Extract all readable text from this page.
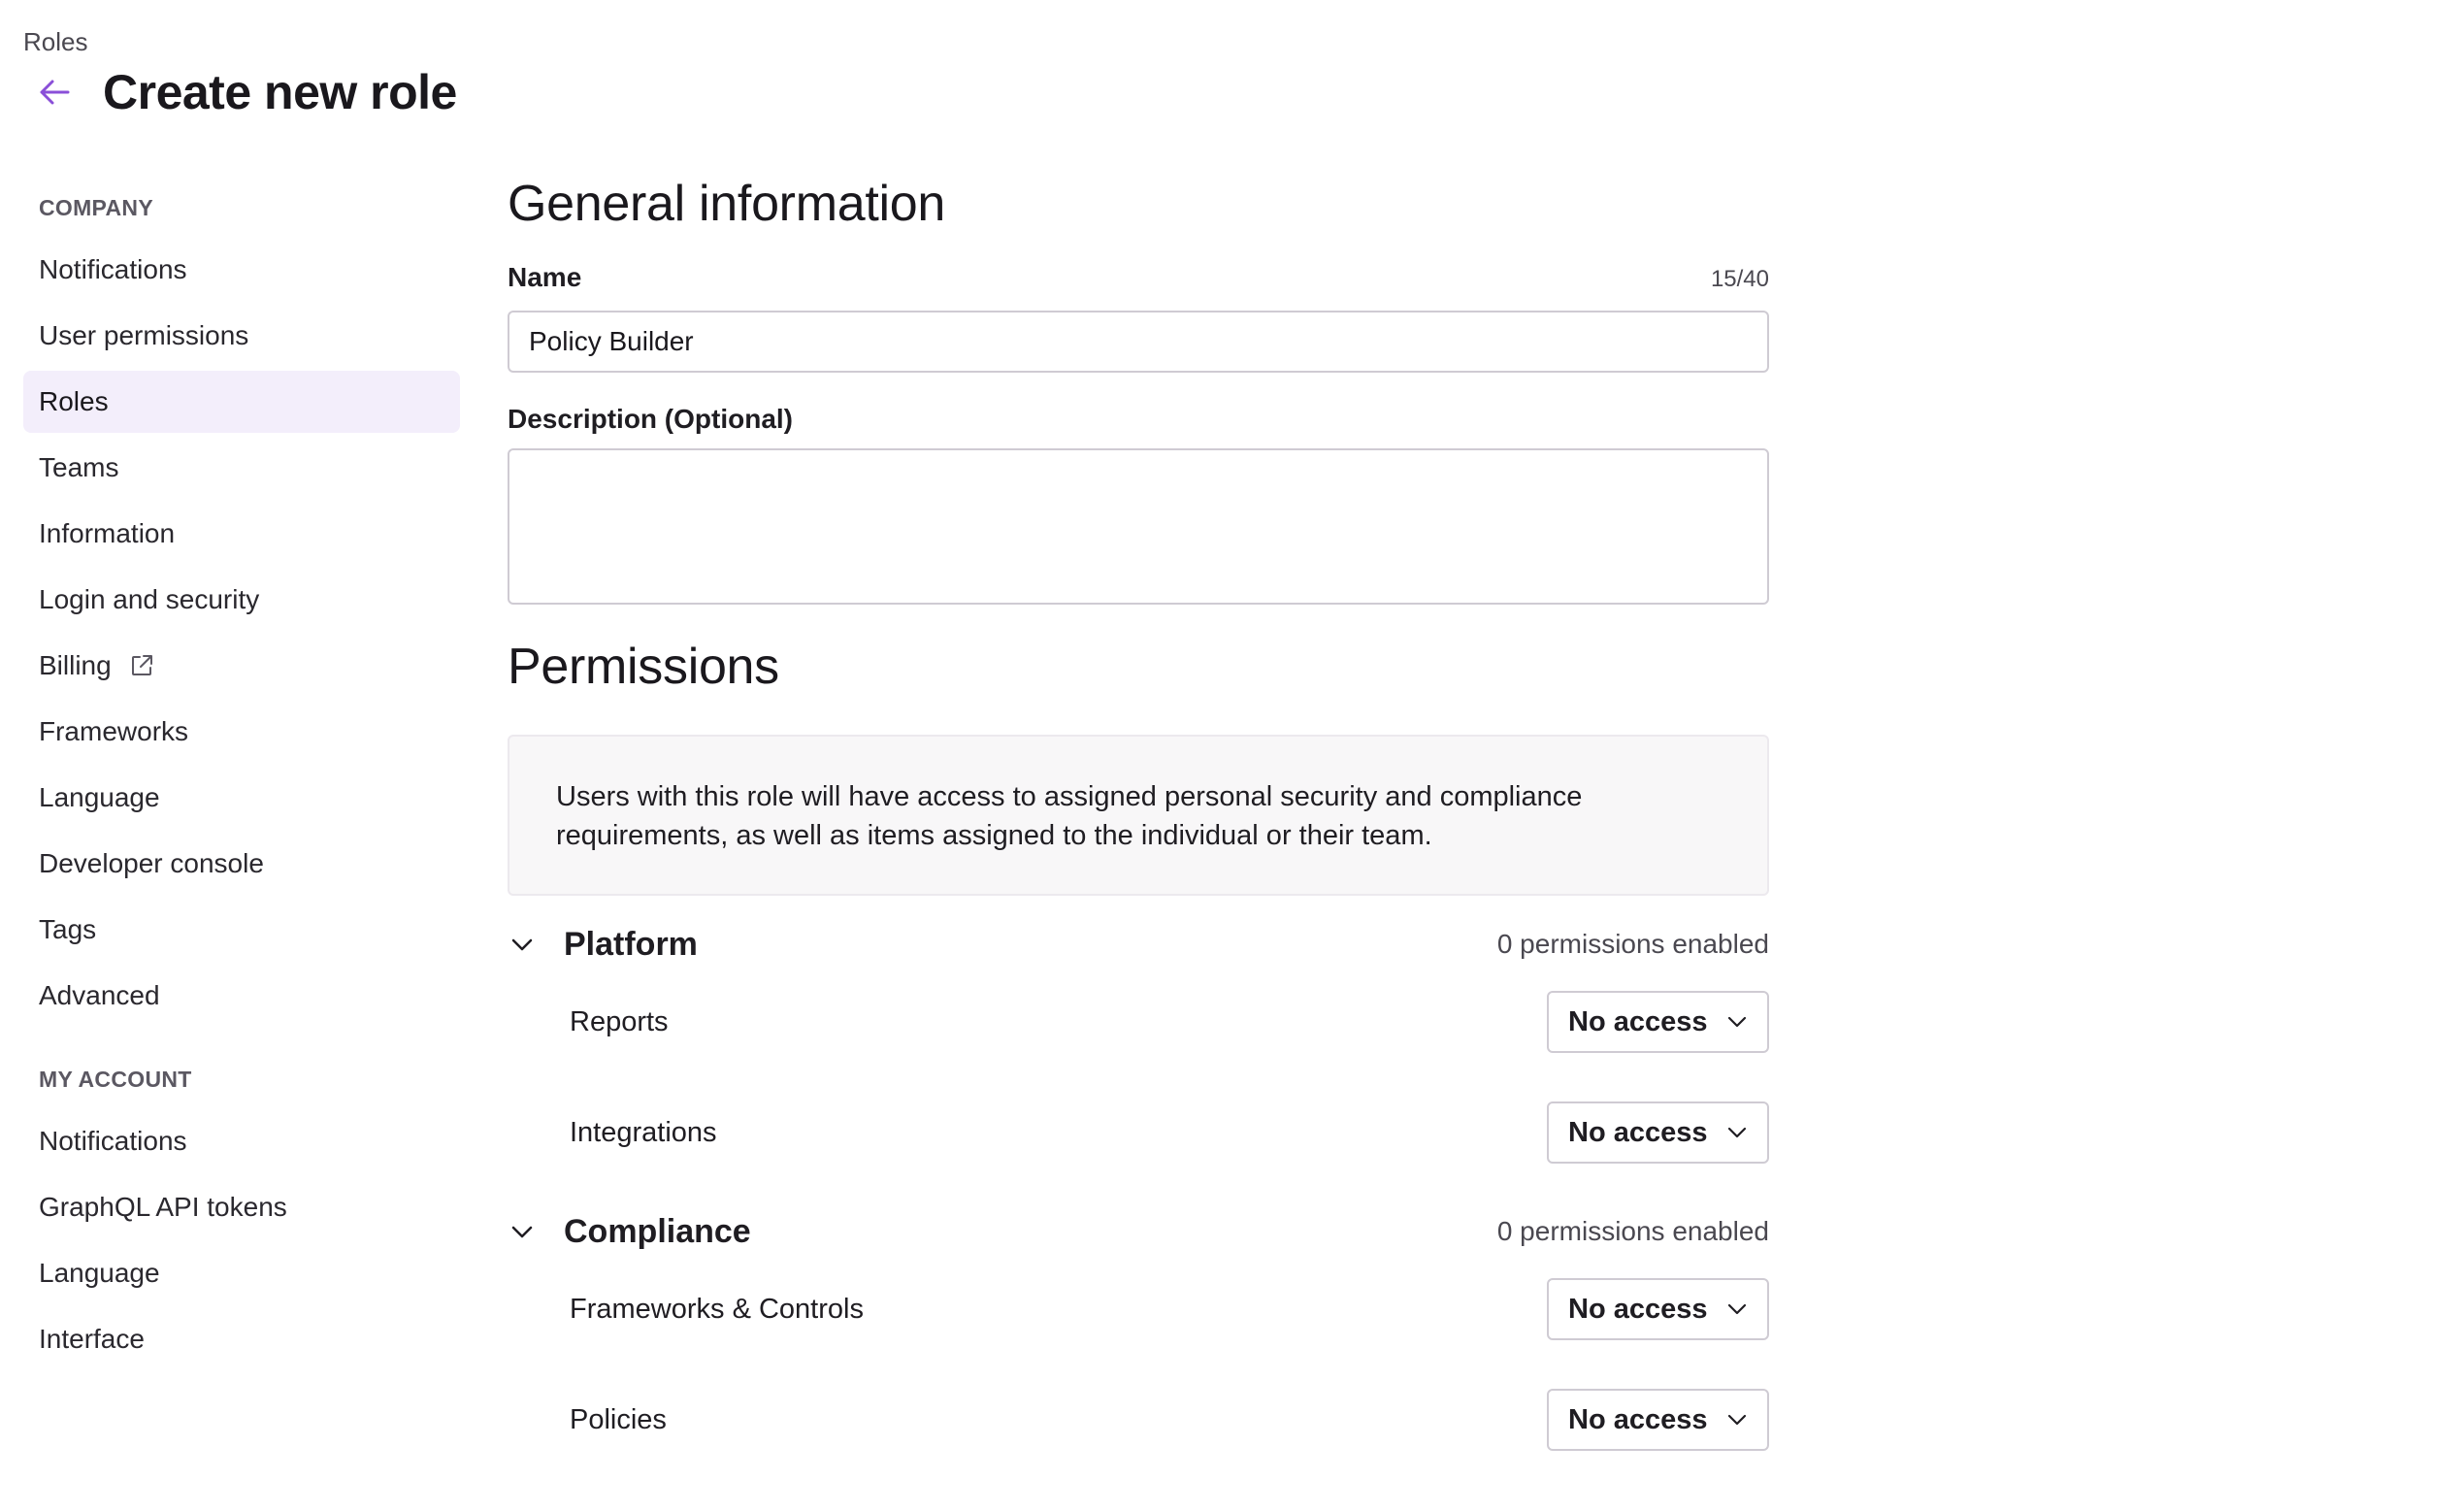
Roles
Create new role
COMPANY
Notifications
User permissions
Roles
Teams
Information
Login and security
Billing
Frameworks
Language
Developer console
Tags
Advanced
MY ACCOUNT
Notifications
GraphQL API tokens
Language
Interface
General information
Name	15/40
Policy Builder
Description (Optional)
Permissions
Users with this role will have access to assigned personal security and compliance requirements, as well as items assigned to the individual or their team.
Platform	0 permissions enabled
Reports	No access
Integrations	No access
Compliance	0 permissions enabled
Frameworks & Controls	No access
Policies	No access
